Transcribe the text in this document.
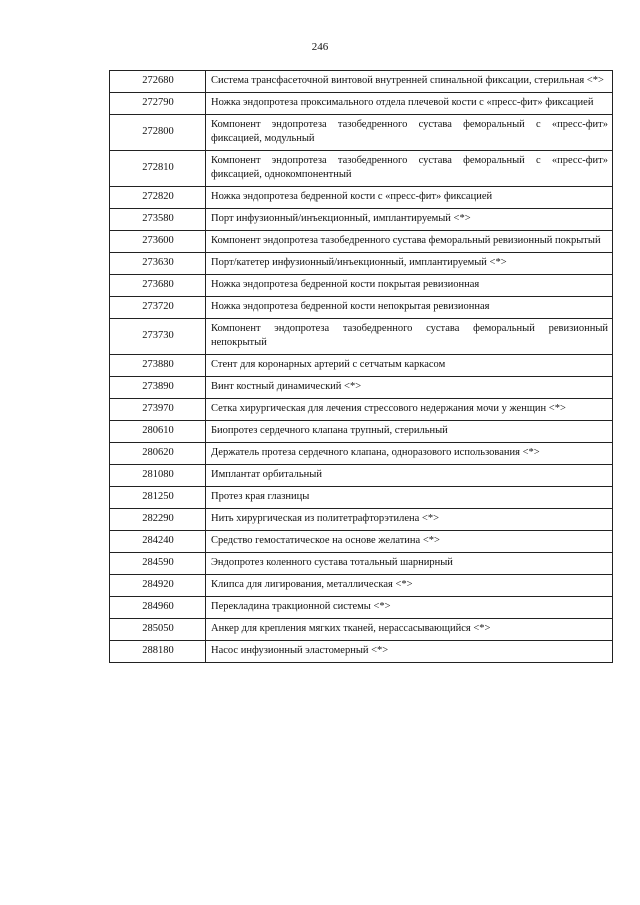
246
272680	Система трансфасеточной винтовой внутренней спинальной фиксации, стерильная <*>
272790	Ножка эндопротеза проксимального отдела плечевой кости с «пресс-фит» фиксацией
272800	Компонент эндопротеза тазобедренного сустава феморальный с «пресс-фит» фиксацией, модульный
272810	Компонент эндопротеза тазобедренного сустава феморальный с «пресс-фит» фиксацией, однокомпонентный
272820	Ножка эндопротеза бедренной кости с «пресс-фит» фиксацией
273580	Порт инфузионный/инъекционный, имплантируемый <*>
273600	Компонент эндопротеза тазобедренного сустава феморальный ревизионный покрытый
273630	Порт/катетер инфузионный/инъекционный, имплантируемый <*>
273680	Ножка эндопротеза бедренной кости покрытая ревизионная
273720	Ножка эндопротеза бедренной кости непокрытая ревизионная
273730	Компонент эндопротеза тазобедренного сустава феморальный ревизионный непокрытый
273880	Стент для коронарных артерий с сетчатым каркасом
273890	Винт костный динамический <*>
273970	Сетка хирургическая для лечения стрессового недержания мочи у женщин <*>
280610	Биопротез сердечного клапана трупный, стерильный
280620	Держатель протеза сердечного клапана, одноразового использования <*>
281080	Имплантат орбитальный
281250	Протез края глазницы
282290	Нить хирургическая из политетрафторэтилена <*>
284240	Средство гемостатическое на основе желатина <*>
284590	Эндопротез коленного сустава тотальный шарнирный
284920	Клипса для лигирования, металлическая <*>
284960	Перекладина тракционной системы <*>
285050	Анкер для крепления мягких тканей, нерассасывающийся <*>
288180	Насос инфузионный эластомерный <*>
